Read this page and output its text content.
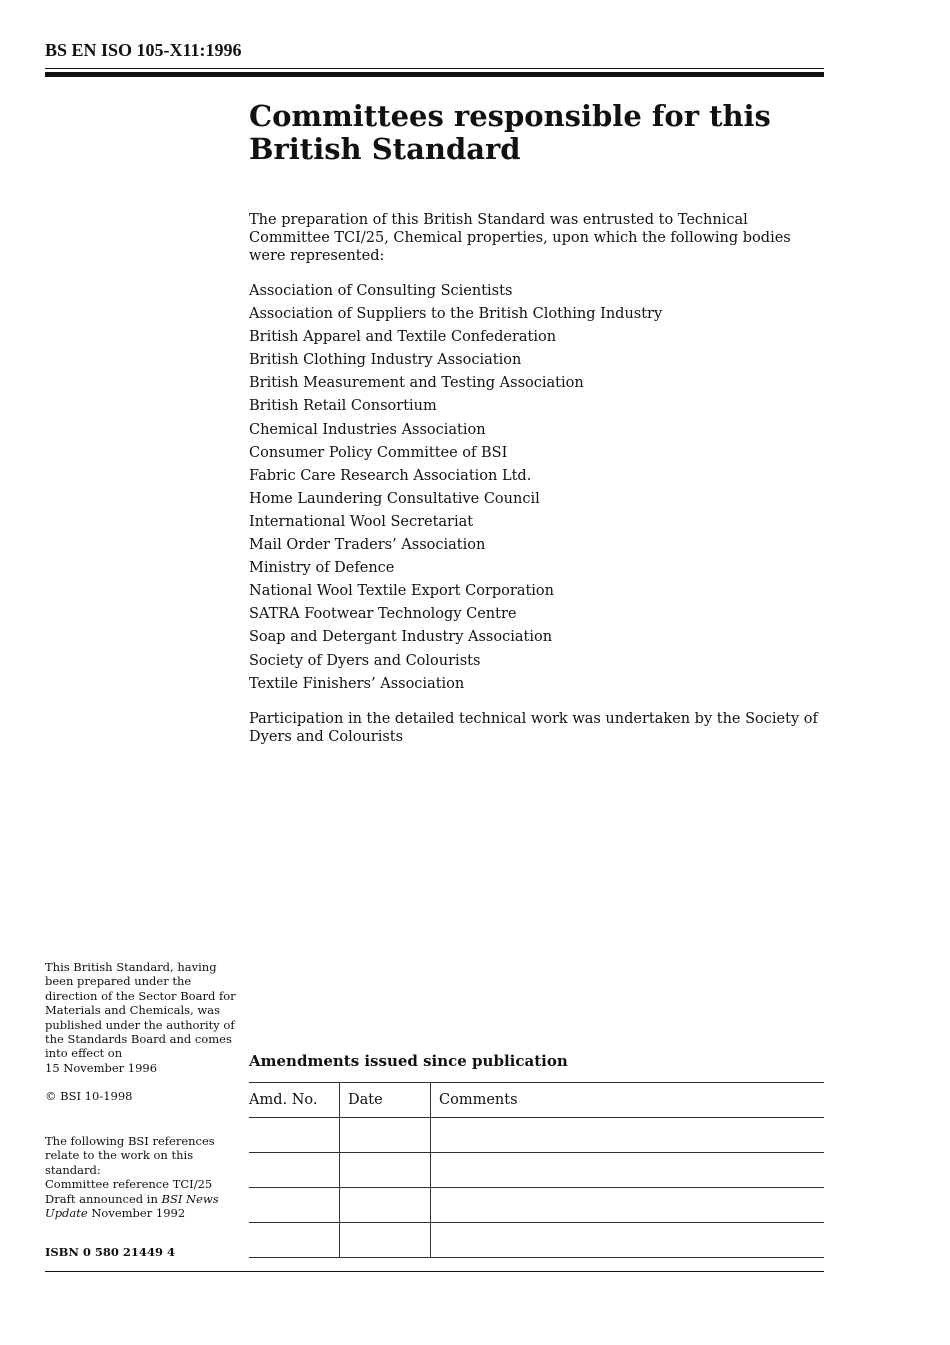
BS EN ISO 105-X11:1996
Committees responsible for this
British Standard

The preparation of this British Standard was entrusted to Technical Committee TCI/25, Chemical properties, upon which the following bodies were represented:

Association of Consulting Scientists
Association of Suppliers to the British Clothing Industry
British Apparel and Textile Confederation
British Clothing Industry Association
British Measurement and Testing Association
British Retail Consortium
Chemical Industries Association
Consumer Policy Committee of BSI
Fabric Care Research Association Ltd.
Home Laundering Consultative Council
International Wool Secretariat
Mail Order Traders’ Association
Ministry of Defence
National Wool Textile Export Corporation
SATRA Footwear Technology Centre
Soap and Detergant Industry Association
Society of Dyers and Colourists
Textile Finishers’ Association

Participation in the detailed technical work was undertaken by the Society of Dyers and Colourists

This British Standard, having
been prepared under the
direction of the Sector Board for
Materials and Chemicals, was
published under the authority of
the Standards Board and comes
into effect on
15 November 1996
© BSI 10-1998
The following BSI references
relate to the work on this
standard:
Committee reference TCI/25
Draft announced in BSI News
Update November 1992
ISBN 0 580 21449 4
Amendments issued since publication
Amd. No.	Date	Comments
